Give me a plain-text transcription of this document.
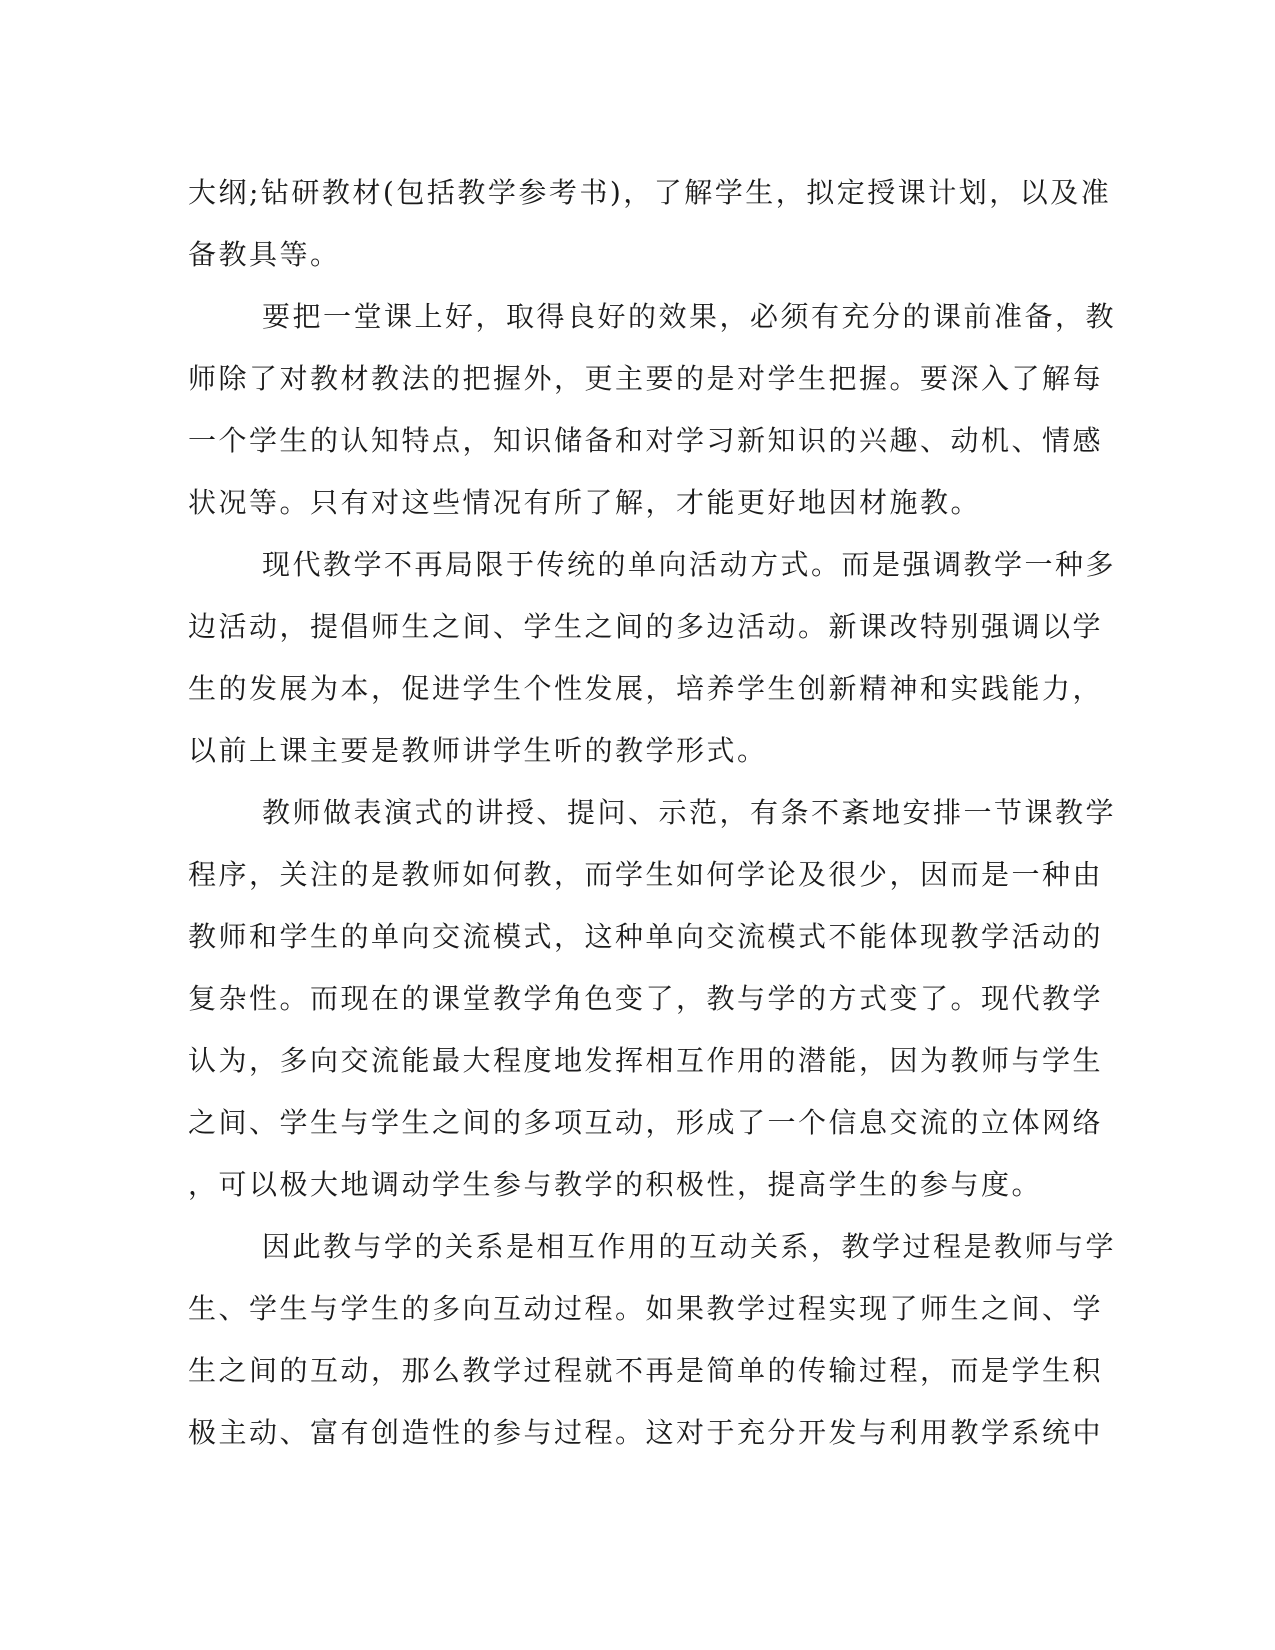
大纲;钻研教材(包括教学参考书)，了解学生，拟定授课计划，以及准
备教具等。
要把一堂课上好，取得良好的效果，必须有充分的课前准备，教
师除了对教材教法的把握外，更主要的是对学生把握。要深入了解每
一个学生的认知特点，知识储备和对学习新知识的兴趣、动机、情感
状况等。只有对这些情况有所了解，才能更好地因材施教。
现代教学不再局限于传统的单向活动方式。而是强调教学一种多
边活动，提倡师生之间、学生之间的多边活动。新课改特别强调以学
生的发展为本，促进学生个性发展，培养学生创新精神和实践能力，
以前上课主要是教师讲学生听的教学形式。
教师做表演式的讲授、提问、示范，有条不紊地安排一节课教学
程序，关注的是教师如何教，而学生如何学论及很少，因而是一种由
教师和学生的单向交流模式，这种单向交流模式不能体现教学活动的
复杂性。而现在的课堂教学角色变了，教与学的方式变了。现代教学
认为，多向交流能最大程度地发挥相互作用的潜能，因为教师与学生
之间、学生与学生之间的多项互动，形成了一个信息交流的立体网络
，可以极大地调动学生参与教学的积极性，提高学生的参与度。
因此教与学的关系是相互作用的互动关系，教学过程是教师与学
生、学生与学生的多向互动过程。如果教学过程实现了师生之间、学
生之间的互动，那么教学过程就不再是简单的传输过程，而是学生积
极主动、富有创造性的参与过程。这对于充分开发与利用教学系统中
